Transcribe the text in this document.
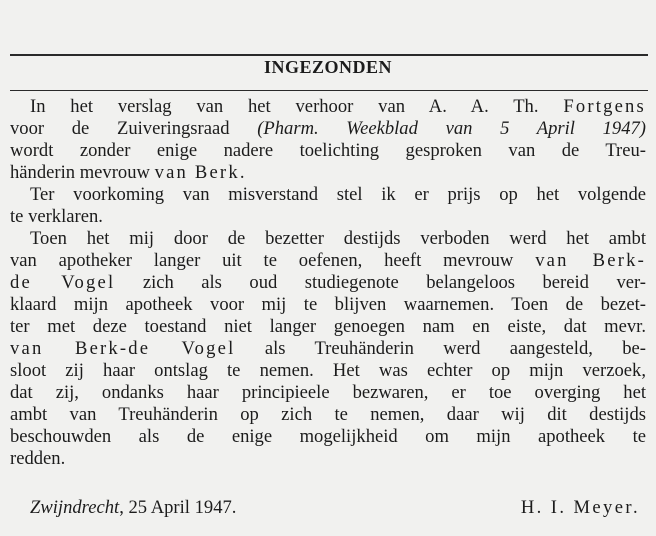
INGEZONDEN
In het verslag van het verhoor van A. A. Th. Fortgens
voor de Zuiveringsraad (Pharm. Weekblad van 5 April 1947)
wordt zonder enige nadere toelichting gesproken van de Treu-
händerin mevrouw van Berk.
Ter voorkoming van misverstand stel ik er prijs op het volgende
te verklaren.
Toen het mij door de bezetter destijds verboden werd het ambt
van apotheker langer uit te oefenen, heeft mevrouw van Berk-
de Vogel zich als oud studiegenote belangeloos bereid ver-
klaard mijn apotheek voor mij te blijven waarnemen. Toen de bezet-
ter met deze toestand niet langer genoegen nam en eiste, dat mevr.
van Berk-de Vogel als Treuhänderin werd aangesteld, be-
sloot zij haar ontslag te nemen. Het was echter op mijn verzoek,
dat zij, ondanks haar principieele bezwaren, er toe overging het
ambt van Treuhänderin op zich te nemen, daar wij dit destijds
beschouwden als de enige mogelijkheid om mijn apotheek te
redden.
Zwijndrecht, 25 April 1947.	H. I. Meyer.
